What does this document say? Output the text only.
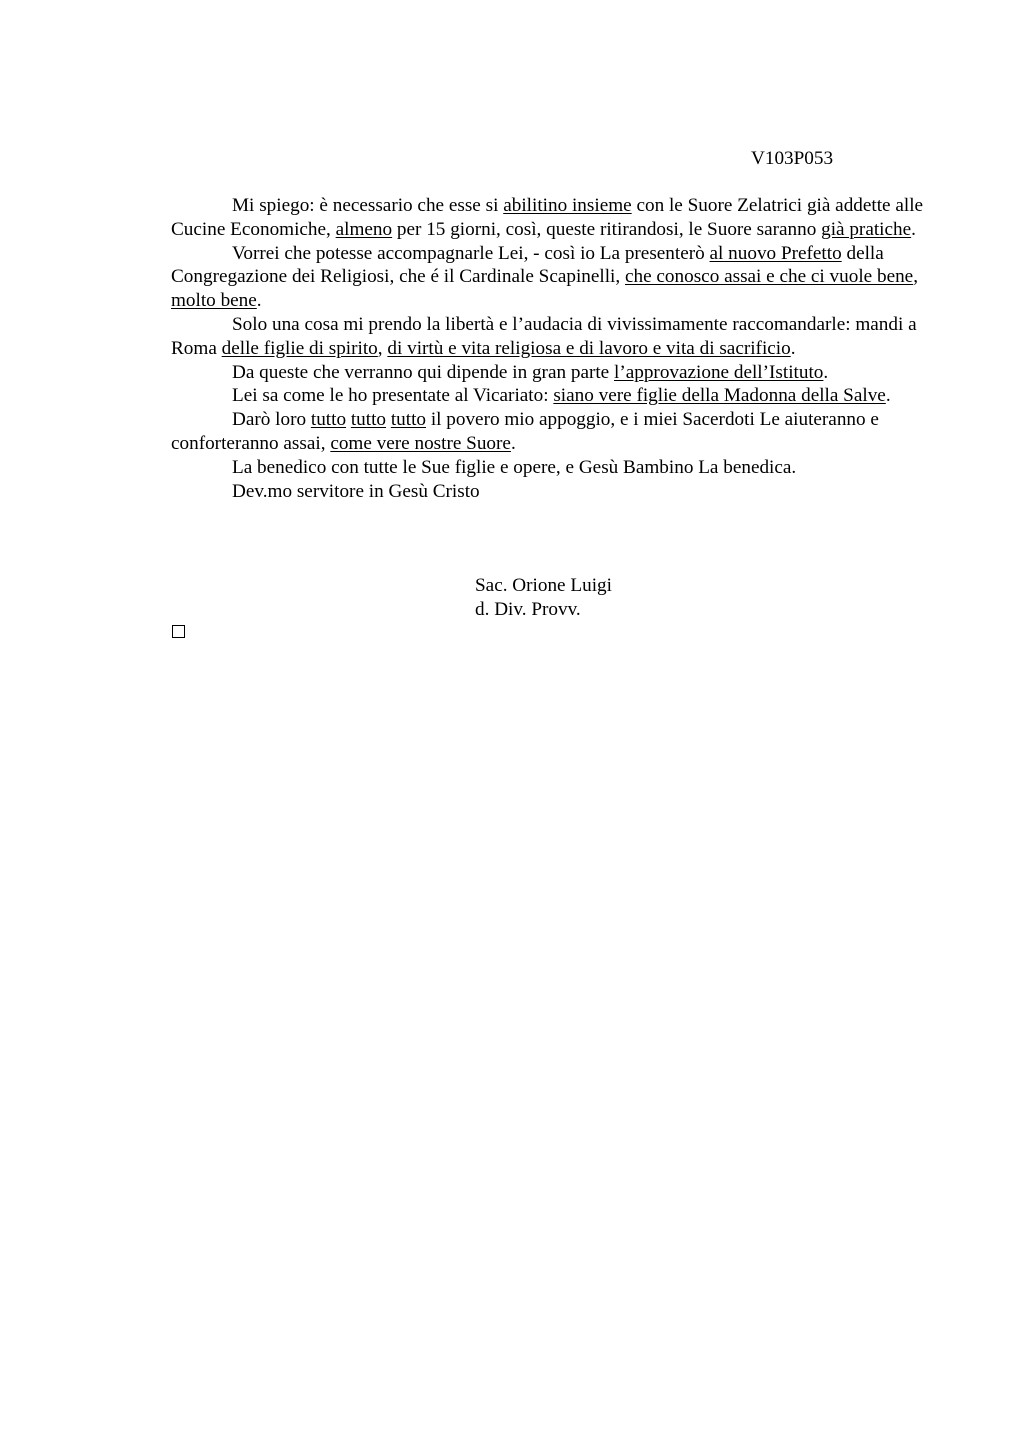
V103P053

Mi spiego: è necessario che esse si abilitino insieme con le Suore Zelatrici già addette alle Cucine Economiche, almeno per 15 giorni, così, queste ritirandosi, le Suore saranno già pratiche.

Vorrei che potesse accompagnarle Lei, - così io La presenterò al nuovo Prefetto della Congregazione dei Religiosi, che é il Cardinale Scapinelli, che conosco assai e che ci vuole bene, molto bene.

Solo una cosa mi prendo la libertà e l’audacia di vivissimamente raccomandarle: mandi a Roma delle figlie di spirito, di virtù e vita religiosa e di lavoro e vita di sacrificio.

Da queste che verranno qui dipende in gran parte l’approvazione dell’Istituto.

Lei sa come le ho presentate al Vicariato: siano vere figlie della Madonna della Salve.

Darò loro tutto tutto tutto il povero mio appoggio, e i miei Sacerdoti Le aiuteranno e conforteranno assai, come vere nostre Suore.

La benedico con tutte le Sue figlie e opere, e Gesù Bambino La benedica.

Dev.mo servitore in Gesù Cristo

Sac. Orione Luigi
d. Div. Provv.
